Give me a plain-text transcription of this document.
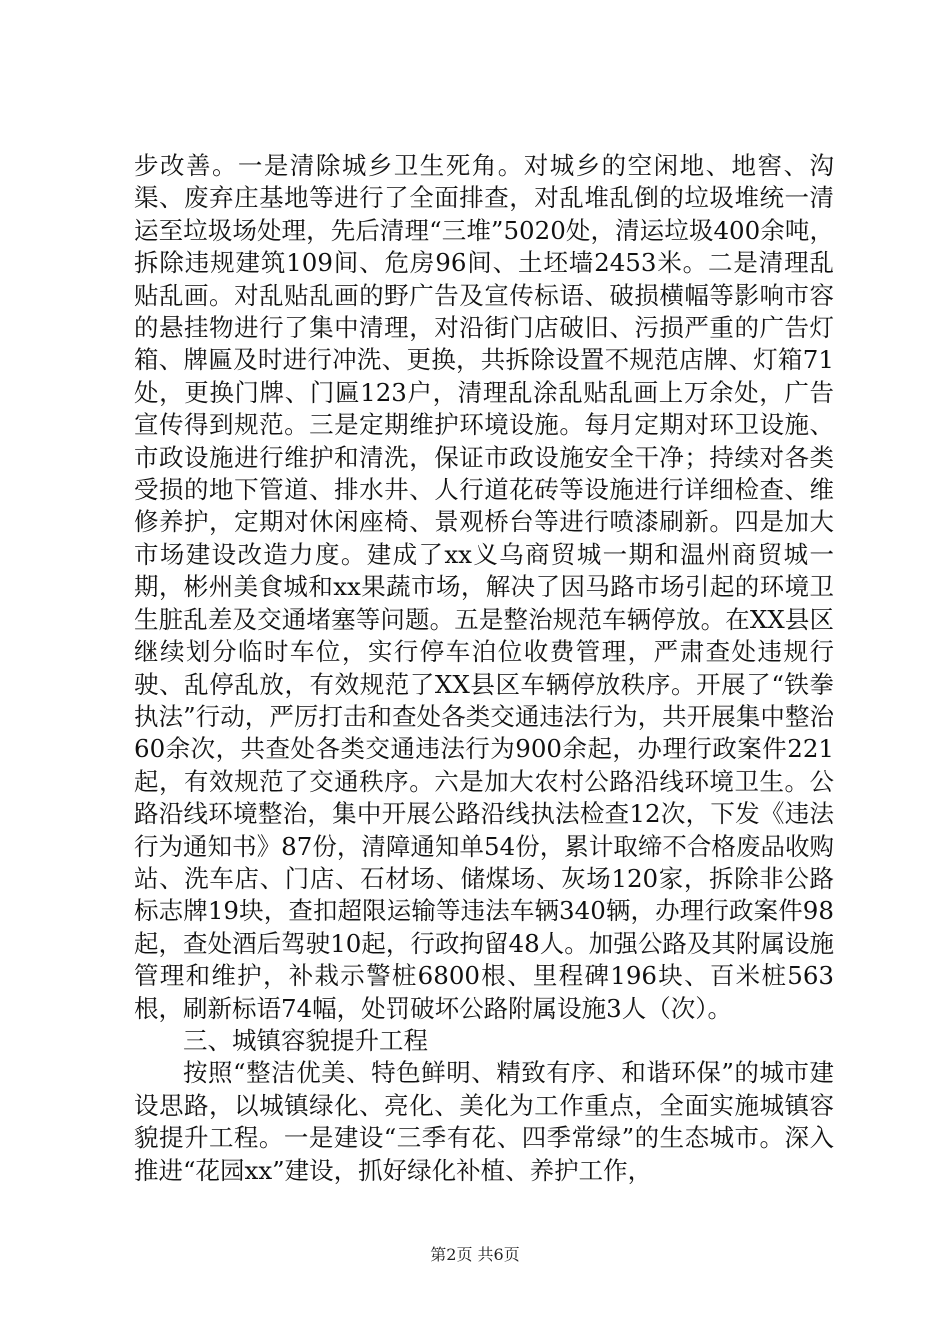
步改善。一是清除城乡卫生死角。对城乡的空闲地、地窖、沟渠、废弃庄基地等进行了全面排查，对乱堆乱倒的垃圾堆统一清运至垃圾场处理，先后清理“三堆”5020处，清运垃圾400余吨，拆除违规建筑109间、危房96间、土坯墙2453米。二是清理乱贴乱画。对乱贴乱画的野广告及宣传标语、破损横幅等影响市容的悬挂物进行了集中清理，对沿街门店破旧、污损严重的广告灯箱、牌匾及时进行冲洗、更换，共拆除设置不规范店牌、灯箱71处，更换门牌、门匾123户，清理乱涂乱贴乱画上万余处，广告宣传得到规范。三是定期维护环境设施。每月定期对环卫设施、市政设施进行维护和清洗，保证市政设施安全干净；持续对各类受损的地下管道、排水井、人行道花砖等设施进行详细检查、维修养护，定期对休闲座椅、景观桥台等进行喷漆刷新。四是加大市场建设改造力度。建成了xx义乌商贸城一期和温州商贸城一期，彬州美食城和xx果蔬市场，解决了因马路市场引起的环境卫生脏乱差及交通堵塞等问题。五是整治规范车辆停放。在XX县区继续划分临时车位，实行停车泊位收费管理，严肃查处违规行驶、乱停乱放，有效规范了XX县区车辆停放秩序。开展了“铁拳执法”行动，严厉打击和查处各类交通违法行为，共开展集中整治60余次，共查处各类交通违法行为900余起，办理行政案件221起，有效规范了交通秩序。六是加大农村公路沿线环境卫生。公路沿线环境整治，集中开展公路沿线执法检查12次，下发《违法行为通知书》87份，清障通知单54份，累计取缔不合格废品收购站、洗车店、门店、石材场、储煤场、灰场120家，拆除非公路标志牌19块，查扣超限运输等违法车辆340辆，办理行政案件98起，查处酒后驾驶10起，行政拘留48人。加强公路及其附属设施管理和维护，补栽示警桩6800根、里程碑196块、百米桩563根，刷新标语74幅，处罚破坏公路附属设施3人（次）。

三、城镇容貌提升工程

按照“整洁优美、特色鲜明、精致有序、和谐环保”的城市建设思路，以城镇绿化、亮化、美化为工作重点，全面实施城镇容貌提升工程。一是建设“三季有花、四季常绿”的生态城市。深入推进“花园xx”建设，抓好绿化补植、养护工作，

第2页 共6页
